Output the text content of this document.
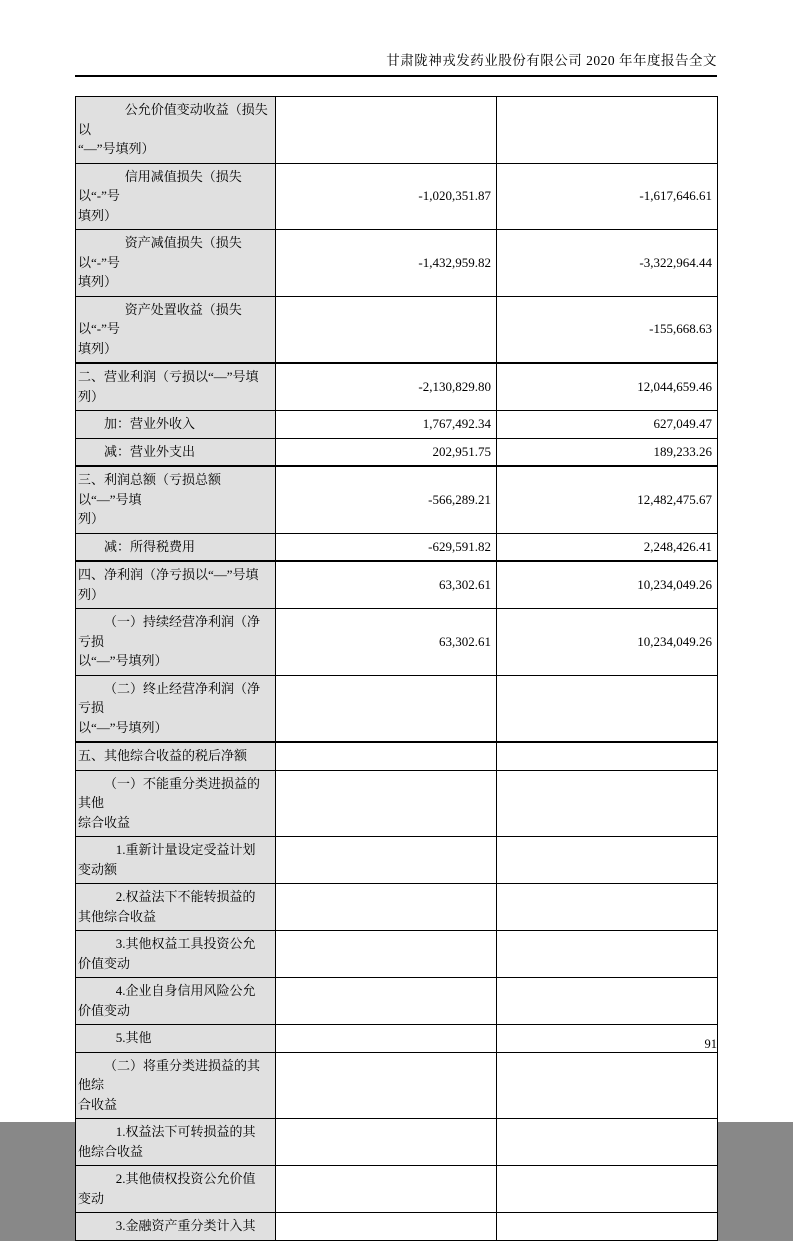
甘肃陇神戎发药业股份有限公司 2020 年年度报告全文
公允价值变动收益（损失以
“—”号填列）		

信用减值损失（损失以“-”号
填列）	-1,020,351.87	-1,617,646.61

资产减值损失（损失以“-”号
填列）	-1,432,959.82	-3,322,964.44

资产处置收益（损失以“-”号
填列）		-155,668.63

二、营业利润（亏损以“—”号填列）	-2,130,829.80	12,044,659.46

加：营业外收入	1,767,492.34	627,049.47

减：营业外支出	202,951.75	189,233.26

三、利润总额（亏损总额以“—”号填
列）	-566,289.21	12,482,475.67

减：所得税费用	-629,591.82	2,248,426.41

四、净利润（净亏损以“—”号填列）	63,302.61	10,234,049.26

（一）持续经营净利润（净亏损
以“—”号填列）	63,302.61	10,234,049.26

（二）终止经营净利润（净亏损
以“—”号填列）		

五、其他综合收益的税后净额		

（一）不能重分类进损益的其他
综合收益		

1.重新计量设定受益计划
变动额		

2.权益法下不能转损益的
其他综合收益		

3.其他权益工具投资公允
价值变动		

4.企业自身信用风险公允
价值变动		

5.其他		

（二）将重分类进损益的其他综
合收益		

1.权益法下可转损益的其
他综合收益		

2.其他债权投资公允价值
变动		

3.金融资产重分类计入其		

91
